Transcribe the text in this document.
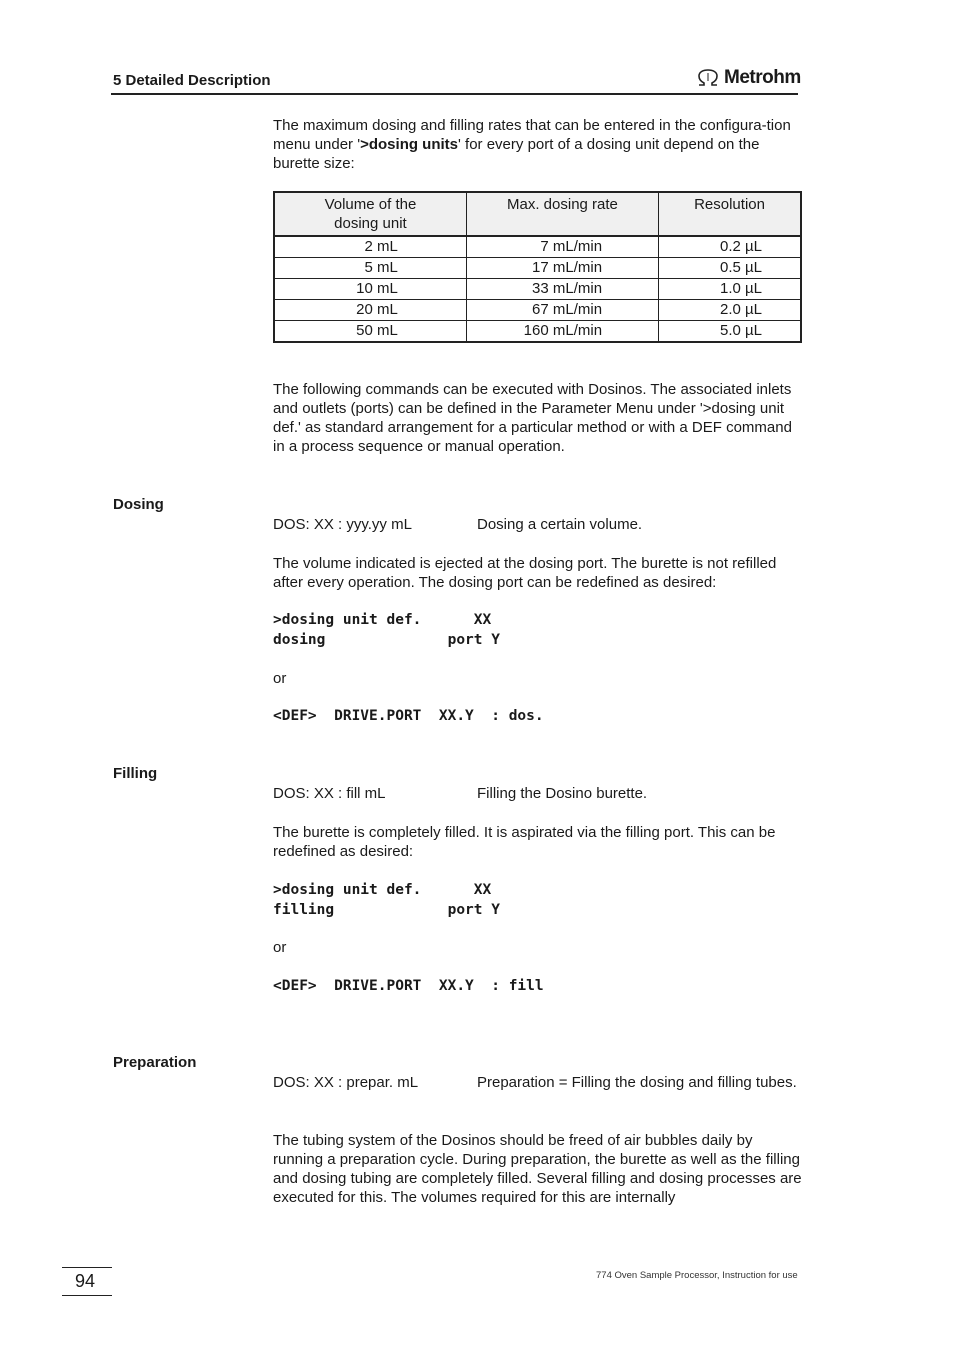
5 Detailed Description	Metrohm
The maximum dosing and filling rates that can be entered in the configura-tion menu under '>dosing units' for every port of a dosing unit depend on the burette size:
Volume of the dosing unit	Max. dosing rate	Resolution
2 mL	7 mL/min	0.2 µL
5 mL	17 mL/min	0.5 µL
10 mL	33 mL/min	1.0 µL
20 mL	67 mL/min	2.0 µL
50 mL	160 mL/min	5.0 µL
The following commands can be executed with Dosinos. The associated inlets and outlets (ports) can be defined in the Parameter Menu under '>dosing unit def.' as standard arrangement for a particular method or with a DEF command in a process sequence or manual operation.
Dosing
DOS: XX : yyy.yy mL	Dosing a certain volume.
The volume indicated is ejected at the dosing port. The burette is not refilled after every operation. The dosing port can be redefined as desired:
>dosing unit def.      XX
dosing              port Y
or
<DEF>  DRIVE.PORT  XX.Y  : dos.
Filling
DOS: XX : fill mL	Filling the Dosino burette.
The burette is completely filled. It is aspirated via the filling port. This can be redefined as desired:
>dosing unit def.      XX
filling             port Y
or
<DEF>  DRIVE.PORT  XX.Y  : fill
Preparation
DOS: XX : prepar. mL	Preparation = Filling the dosing and filling tubes.
The tubing system of the Dosinos should be freed of air bubbles daily by running a preparation cycle. During preparation, the burette as well as the filling and dosing tubing are completely filled. Several filling and dosing processes are executed for this. The volumes required for this are internally
94	774 Oven Sample Processor, Instruction for use
